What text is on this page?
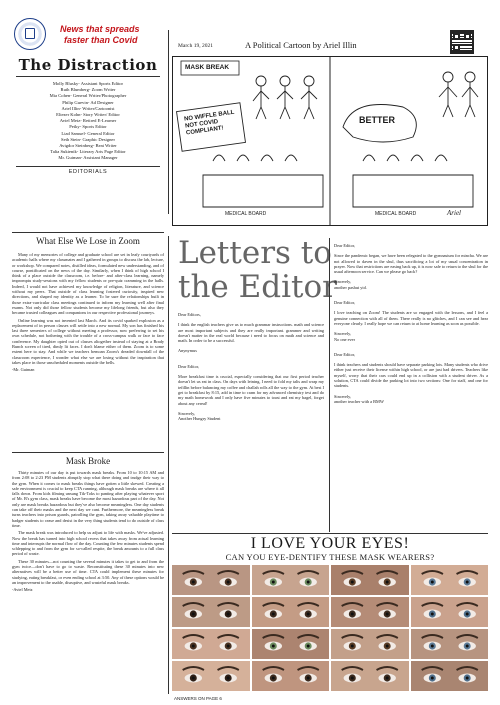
News that spreads
faster than Covid
The Distraction
Molly Blusky- Assistant Sports Editor
Ruth Blumberg- Zoom Writer
Mia Cohen- General Writer/Photographer
Philip Guevin- Ad Designer
Ariel Illin- Writer/Cartoonist
Eliezer Kohn- Story Writer/ Editor
Aviel Metz- Retired E-Learner
Peiky- Sports Editor
Liad Samuel- General Editor
Seth Stein- Graphic Designer
Avigdor Steinberg- Beat Writer
Talia Sukienik- Literary Arts Page Editor
Mr. Guiman- Assistant Manager
EDITORIALS
March 19, 2021	A Political Cartoon by Ariel Illin
MASK BREAK
NO WIFFLE BALL NOT COVID COMPLIANT!
BETTER
MEDICAL BOARD	MEDICAL BOARD	Ariel
What Else We Lose in Zoom

Many of my memories of college and graduate school are set in leafy courtyards of academic halls where my classmates and I gathered in groups to discuss the lab, lecture, or workshop. We compared notes, distilled ideas, formulated new understanding, and of course, pontificated on the news of the day. Similarly, when I think of high school I think of a place outside the classroom, i.e. before- and after-class learning, namely impromptu study-sessions with my fellow students or pre-quiz cramming in the halls. Indeed, I would not have achieved my knowledge of religion, literature, and science without my peers. That outside of class learning fostered curiosity, inspired new directions, and shaped my identity as a learner. To be sure the relationships built in those extra-curricular class meetings continued to inform my learning well after final exams. Not only did those fellow students become my lifelong friends, but also they became trusted colleagues and companions in our respective professional journeys.

Online learning was not invented last March. And its covid sparked explosion as a replacement of in person classes will settle into a new normal. My son has finished his last three semesters of college without meeting a professor, now preferring to set his own schedule, not bothering with the trouble of a cross-campus walk or face to face conference. My daughter opted out of classes altogether instead of staying at a Brady Bunch screen of tired, dimly lit faces. I don't blame either of them. Zoom is to some extent here to stay. And while we teachers bemoan Zoom's dreaded downfall of the classroom experience, I wonder what else we are losing without the inspiration that takes place in those unscheduled moments outside the bells.

-Mr. Guiman

Mask Broke

Thirty minutes of our day is put towards mask breaks. From 10 to 10:15 AM and from 2:08 to 2:23 PM students abruptly stop what there doing and trudge their way to the gym. When it comes to mask breaks things have gotten a little skewed. Creating a safe environment is crucial to keep CTA running, although mask breaks are where it all falls down. From kids filming unsung Tik-Toks to panting after playing whatever sport of Mr. B's gym class, mask breaks have become the most hazardous part of the day. Not only are mask breaks hazardous but they've also become meaningless. One day students can take off their masks and the next day we cant. Furthermore, the meaningless break turns teachers into prison guards, patrolling the gym, taking away valuable playtime to badger students to cease and desist in the very thing students tend to do outside of class time.

The mask break was introduced to help us adjust to life with masks. We've adjusted. Now the break has turned into high school recess that takes away from actual learning time and interrupts the normal flow of the day. Counting the few minutes students spend schlepping to and from the gym for so-called respite, the break amounts to a full class period of waste.

These 30 minutes—not counting the several minutes it takes to get to and from the gym twice—don't have to go to waste. Reconstituting these 30 minutes into new alternatives will be a better use of time. CTA could implement these minutes for studying, eating breakfast, or even ending school at 3:50. Any of these options would be an improvement to the usable, disruptive, and wasteful mask breaks.

-Aviel Metz

Letters to
the Editor

Dear Editors,

I think the english teachers give us to much grammar instructions. math and science are most important subjects and they are really important. grammer and writing doesn't matter in the real world because i need to focus on math and science and math. In order to be a successful.

Anynymus

Dear Editor,

More breakfast time is crucial, especially considering that our first period teacher doesn't let us eat in class. On days with leining, I need to fold my talis and wrap my tefillin before balancing my coffee and challah rolls all the way to the gym. At best I get to breakfast by 8:15, add in time to cram for my advanced chemistry test and do my math homework and I only have five minutes to toast and eat my bagel, forget about any cereal!

Sincerely,

Another Hungry Student

Dear Editor,

Since the pandemic began, we have been relegated to the gymnasium for mincha. We are not allowed to daven in the shul, thus sacrificing a lot of my usual concentration in prayer. Now that restrictions are easing back up, it is now safe to return to the shul for the usual afternoon service. Can we please go back?

Sincerely,

another pashut yid.

Dear Editor,

I love teaching on Zoom! The students are so engaged with the lessons, and I feel a genuine connection with all of them. There really is no glitches, and I can see and hear everyone clearly. I really hope we can return to at home learning as soon as possible.

Sincerely,

No one ever

Dear Editor,

I think teachers and students should have separate parking lots. Many students who drive either just receive their license within high school, or are just bad drivers. Teachers like myself, worry that their cars could end up in a collision with a student driver. As a solution, CTA could divide the parking lot into two sections: One for staff, and one for students.

Sincerely,

another teacher with a BMW

I LOVE YOUR EYES!
CAN YOU EYE-DENTIFY THESE MASK WEARERS?
ANSWERS ON PAGE 6
